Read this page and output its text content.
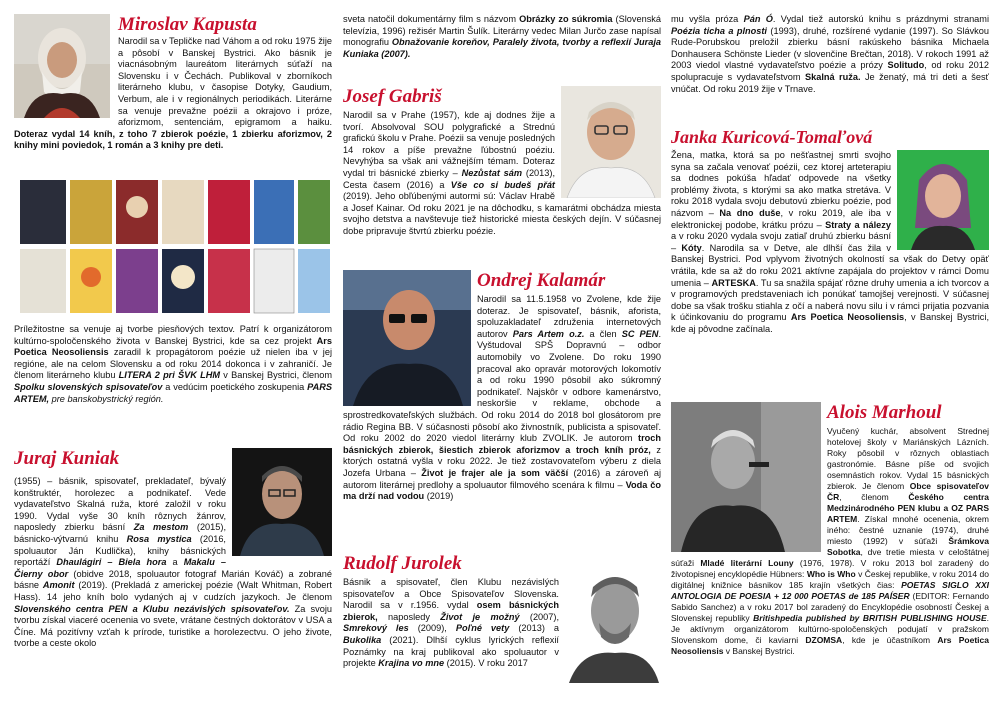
Miroslav Kapusta
Narodil sa v Tepličke nad Váhom a od roku 1975 žije a pôsobí v Banskej Bystrici. Ako básnik je viacnásobným laureátom literárnych súťaží na Slovensku i v Čechách. Publikoval v zborníkoch literárneho klubu, v časopise Dotyky, Gaudium, Verbum, ale i v regionálnych periodikách. Literárne sa venuje prevažne poézii a okrajovo i próze, aforizmom, sentenciám, epigramom a haiku. Doteraz vydal 14 kníh, z toho 7 zbierok poézie, 1 zbierku aforizmov, 2 knihy mini poviedok, 1 román a 3 knihy pre deti.
Príležitostne sa venuje aj tvorbe piesňových textov. Patrí k organizátorom kultúrno-spoločenského života v Banskej Bystrici, kde sa cez projekt Ars Poetica Neosoliensis zaradil k propagátorom poézie už nielen iba v jej regióne, ale na celom Slovensku a od roku 2014 dokonca i v zahraničí. Je členom literárneho klubu LITERA 2 pri ŠVK LHM v Banskej Bystrici, členom Spolku slovenských spisovateľov a vedúcim poetického zoskupenia PARS ARTEM, pre banskobystrický región.
Juraj Kuniak
(1955) – básnik, spisovateľ, prekladateľ, bývalý konštruktér, horolezec a podnikateľ. Vede vydavateľstvo Skalná ruža, ktoré založil v roku 1990. Vydal vyše 30 kníh rôznych žánrov, naposledy zbierku básní Za mestom (2015), básnicko-výtvarnú knihu Rosa mystica (2016, spoluautor Ján Kudlička), knihy básnických reportáží Dhaulágiri – Biela hora a Makalu – Čierny obor (obidve 2018, spoluautor fotograf Marián Kováč) a zobrané básne Amonit (2019). (Prekladá z americkej poézie (Walt Whitman, Robert Hass). 14 jeho kníh bolo vydaných aj v cudzích jazykoch. Je členom Slovenského centra PEN a Klubu nezávislých spisovateľov. Za svoju tvorbu získal viaceré ocenenia vo svete, vrátane čestných doktorátov v USA a Číne. Má pozitívny vzťah k prírode, turistike a horolezectvu. O jeho živote, tvorbe a ceste okolo
sveta natočil dokumentárny film s názvom Obrázky zo súkromia (Slovenská televízia, 1996) režisér Martin Šulík. Literárny vedec Milan Jurčo zase napísal monografiu Obnažovanie koreňov, Paralely života, tvorby a reflexií Juraja Kuniaka (2007).
Josef Gabriš
Narodil sa v Prahe (1957), kde aj dodnes žije a tvorí. Absolvoval SOU polygrafické a Strednú grafickú školu v Prahe. Poézii sa venuje posledných 14 rokov a píše prevažne ľúbostnú poéziu. Nevyhýba sa však ani vážnejším témam. Doteraz vydal tri básnické zbierky – Nezůstat sám (2013), Cesta časem (2016) a Vše co si budeš přát (2019). Jeho obľúbenými autormi sú: Václav Hrabě a Josef Kainar. Od roku 2021 je na dôchodku, s kamarátmi obchádza miesta svojho detstva a navštevuje tiež historické miesta českých dejín. V súčasnej dobe pripravuje štvrtú zbierku poézie.
Ondrej Kalamár
Narodil sa 11.5.1958 vo Zvolene, kde žije doteraz. Je spisovateľ, básnik, aforista, spoluzakladateľ združenia internetových autorov Pars Artem o.z. a člen SC PEN. Vyštudoval SPŠ Dopravnú – odbor automobily vo Zvolene. Do roku 1990 pracoval ako opravár motorových lokomotív a od roku 1990 pôsobil ako súkromný podnikateľ. Najskôr v odbore kamenárstvo, neskoršie v reklame, obchode a sprostredkovateľských službách. Od roku 2014 do 2018 bol glosátorom pre rádio Regina BB. V súčasnosti pôsobí ako živnostník, publicista a spisovateľ. Od roku 2002 do 2020 viedol literárny klub ZVOLIK. Je autorom troch básnických zbierok, šiestich zbierok aforizmov a troch kníh próz, z ktorých ostatná vyšla v roku 2022. Je tiež zostavovateľom výberu z diela Jozefa Urbana – Život je frajer ale ja som väčší (2016) a zároveň aj autorom literárnej predlohy a spoluautor filmového scenára k filmu – Voda čo ma drží nad vodou (2019)
Rudolf Jurolek
Básnik a spisovateľ, člen Klubu nezávislých spisovateľov a Obce Spisovateľov Slovenska. Narodil sa v r.1956. vydal osem básnických zbierok, naposledy Život je možný (2007), Smrekový les (2009), Poľné vety (2013) a Bukolika (2021). Dlhší cyklus lyrických reflexií Poznámky na kraj publikoval ako spoluautor v projekte Krajina vo mne (2015). V roku 2017
mu vyšla próza Pán Ó. Vydal tiež autorskú knihu s prázdnymi stranami Poézia ticha a plnosti (1993), druhé, rozšírené vydanie (1997). So Slávkou Rude-Porubskou preložil zbierku básní rakúskeho básnika Michaela Donhausera Schönste Lieder (v slovenčine Brečtan, 2018). V rokoch 1991 až 2003 viedol vlastné vydavateľstvo poézie a prózy Solitudo, od roku 2012 spolupracuje s vydavateľstvom Skalná ruža. Je ženatý, má tri deti a šesť vnúčat. Od roku 2019 žije v Trnave.
Janka Kuricová-Tomaľová
Žena, matka, ktorá sa po nešťastnej smrti svojho syna sa začala venovať poézii, cez ktorej arteterapiu sa dodnes pokúša hľadať odpovede na všetky problémy života, s ktorými sa ako matka stretáva. V roku 2018 vydala svoju debutovú zbierku poézie, pod názvom – Na dno duše, v roku 2019, ale iba v elektronickej podobe, krátku prózu – Straty a nálezy a v roku 2020 vydala svoju zatiaľ druhú zbierku básní – Kóty. Narodila sa v Detve, ale dlhší čas žila v Banskej Bystrici. Pod vplyvom životných okolností sa však do Detvy opäť vrátila, kde sa až do roku 2021 aktívne zapájala do projektov v rámci Domu umenia – ARTESKA. Tu sa snažila spájať rôzne druhy umenia a ich tvorcov a v programových predstaveniach ich ponúkať tamojšej verejnosti. V súčasnej dobe sa však trošku stiahla z očí a naberá novu silu i v rámci prijatia pozvania k účinkovaniu do programu Ars Poetica Neosoliensis, v Banskej Bystrici, kde aj pôvodne začínala.
Alois Marhoul
Vyučený kuchár, absolvent Strednej hotelovej školy v Mariánských Lázních. Roky pôsobil v rôznych oblastiach gastronómie. Básne píše od svojich osemnástich rokov. Vydal 15 básnických zbierok. Je členom Obce spisovateľov ČR, členom Českého centra Medzinárodného PEN klubu a OZ PARS ARTEM. Získal mnohé ocenenia, okrem iného: čestné uznanie (1974), druhé miesto (1992) v súťaži Šrámkova Sobotka, dve tretie miesta v celoštátnej súťaži Mladé literární Louny (1976, 1978). V roku 2013 bol zaradený do životopisnej encyklopédie Hübners: Who is Who v Českej republike, v roku 2014 do digitálnej knižnice básnikov 185 krajín všetkých čias: POETAS SIGLO XXI ANTOLOGIA DE POESIA + 12 000 POETAS de 185 PAÍSER (EDITOR: Fernando Sabido Sanchez) a v roku 2017 bol zaradený do Encyklopédie osobností Českej a Slovenskej republiky Britishpedia published by BRITISH PUBLISHING HOUSE. Je aktívnym organizátorom kultúrno-spoločenských podujatí v pražskom Slovenskom dome, či kaviarni DZOMSA, kde je účastníkom Ars Poetica Neosoliensis v Banskej Bystrici.
